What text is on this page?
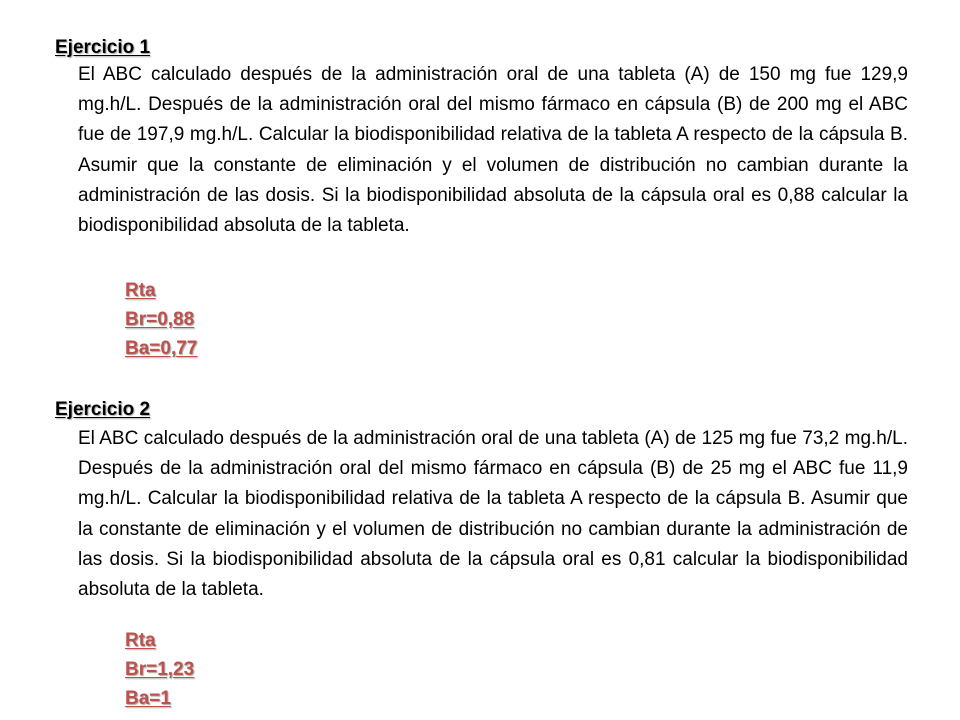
Ejercicio 1

El ABC calculado después de la administración oral de una tableta (A) de 150 mg fue 129,9 mg.h/L. Después de la administración oral del mismo fármaco en cápsula (B) de 200 mg el ABC fue de 197,9 mg.h/L. Calcular la biodisponibilidad relativa de la tableta A respecto de la cápsula B. Asumir que la constante de eliminación y el volumen de distribución no cambian durante la administración de las dosis. Si la biodisponibilidad absoluta de la cápsula oral es 0,88 calcular la biodisponibilidad absoluta de la tableta.

Rta
Br=0,88
Ba=0,77
Ejercicio 2

El ABC calculado después de la administración oral de una tableta (A) de 125 mg fue 73,2 mg.h/L. Después de la administración oral del mismo fármaco en cápsula (B) de 25 mg el ABC fue 11,9 mg.h/L. Calcular la biodisponibilidad relativa de la tableta A respecto de la cápsula B. Asumir que la constante de eliminación y el volumen de distribución no cambian durante la administración de las dosis. Si la biodisponibilidad absoluta de la cápsula oral es 0,81 calcular la biodisponibilidad absoluta de la tableta.

Rta
Br=1,23
Ba=1
